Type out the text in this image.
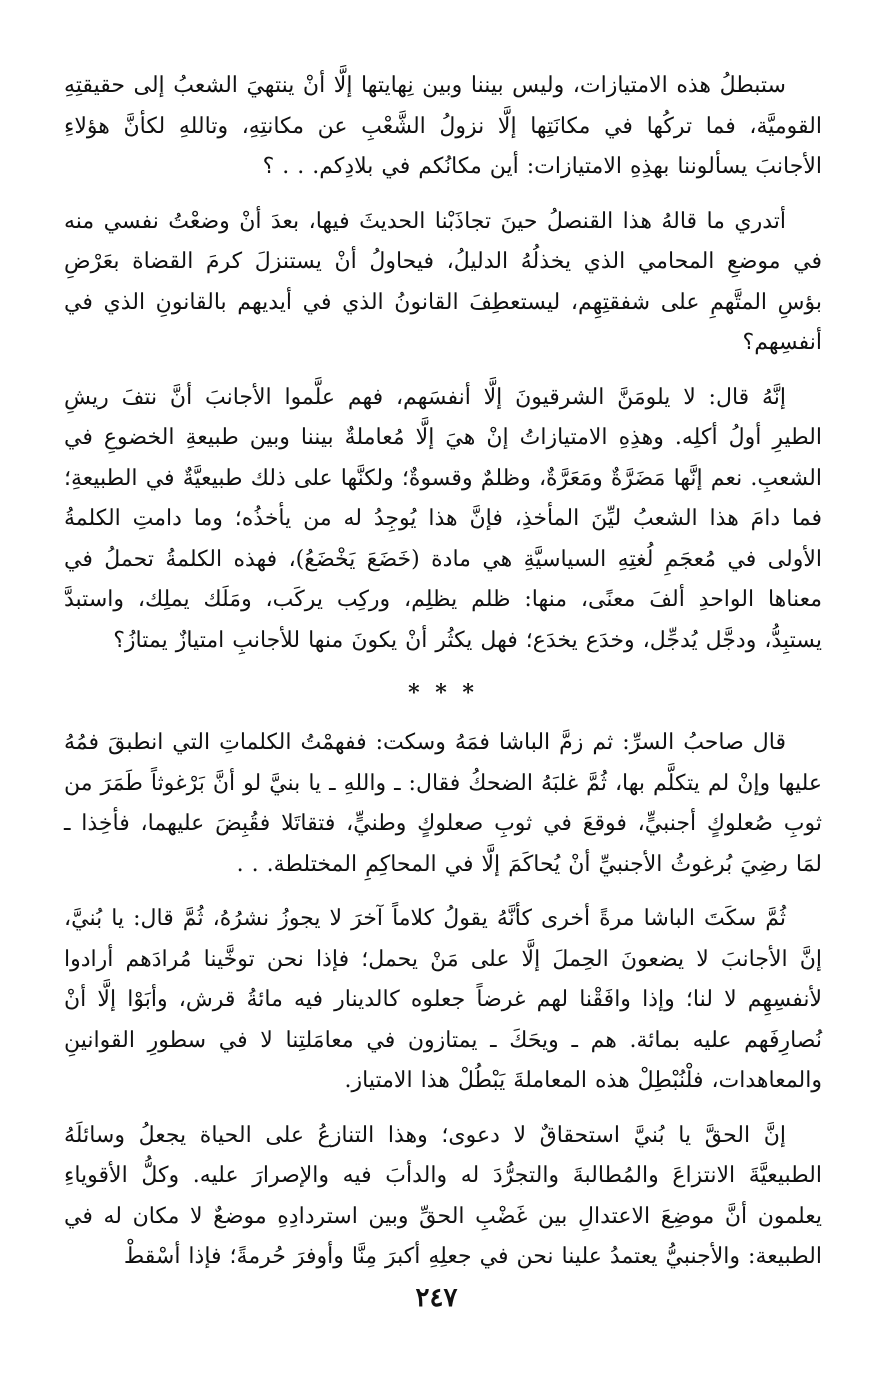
ستبطلُ هذه الامتيازات، وليس بيننا وبين نِهايتها إلَّا أنْ ينتهيَ الشعبُ إلى حقيقتِهِ القوميَّة، فما تركُها في مكانَتِها إلَّا نزولُ الشَّعْبِ عن مكانتِهِ، وتاللهِ لكأنَّ هؤلاءِ الأجانبَ يسألوننا بهذِهِ الامتيازات: أين مكانُكم في بلادِكم. . . ؟

أتدري ما قالهُ هذا القنصلُ حينَ تجاذَبْنا الحديثَ فيها، بعدَ أنْ وضعْتُ نفسي منه في موضعِ المحامي الذي يخذلُهُ الدليلُ، فيحاولُ أنْ يستنزلَ كرمَ القضاة بعَرْضِ بؤسِ المتَّهمِ على شفقتِهِم، ليستعطِفَ القانونُ الذي في أيديهم بالقانونِ الذي في أنفسِهم؟

إنَّهُ قال: لا يلومَنَّ الشرقيونَ إلَّا أنفسَهم، فهم علَّموا الأجانبَ أنَّ نتفَ ريشِ الطيرِ أولُ أكلِه. وهذِهِ الامتيازاتُ إنْ هيَ إلَّا مُعاملةٌ بيننا وبين طبيعةِ الخضوعِ في الشعبِ. نعم إنَّها مَضَرَّةٌ ومَعَرَّةٌ، وظلمٌ وقسوةٌ؛ ولكنَّها على ذلك طبيعيَّةٌ في الطبيعةِ؛ فما دامَ هذا الشعبُ ليِّنَ المأخذِ، فإنَّ هذا يُوجِدُ له من يأخذُه؛ وما دامتِ الكلمةُ الأولى في مُعجَمِ لُغتِهِ السياسيَّةِ هي مادة (خَضَعَ يَخْضَعُ)، فهذه الكلمةُ تحملُ في معناها الواحدِ ألفَ معنًى، منها: ظلم يظلِم، وركِب يركَب، ومَلَك يملِك، واستبدَّ يستبِدُّ، ودجَّل يُدجِّل، وخدَع يخدَع؛ فهل يكثُر أنْ يكونَ منها للأجانبِ امتيازٌ يمتازُ؟

* * *

قال صاحبُ السرِّ: ثم زمَّ الباشا فمَهُ وسكت: ففهمْتُ الكلماتِ التي انطبقَ فمُهُ عليها وإنْ لم يتكلَّم بها، ثُمَّ غلبَهُ الضحكُ فقال: ـ واللهِ ـ يا بنيَّ لو أنَّ بَرْغوثاً طَمَرَ من ثوبِ صُعلوكٍ أجنبيٍّ، فوقعَ في ثوبِ صعلوكٍ وطنيٍّ، فتقاتَلا فقُبِضَ عليهما، فأخِذا ـ لمَا رضِيَ بُرغوثُ الأجنبيِّ أنْ يُحاكَمَ إلَّا في المحاكِمِ المختلطة. . .

ثُمَّ سكَتَ الباشا مرةً أخرى كأنَّهُ يقولُ كلاماً آخرَ لا يجوزُ نشرُهُ، ثُمَّ قال: يا بُنيَّ، إنَّ الأجانبَ لا يضعونَ الحِملَ إلَّا على مَنْ يحمل؛ فإذا نحن توخَّينا مُرادَهم أرادوا لأنفسِهِم لا لنا؛ وإذا وافَقْنا لهم غرضاً جعلوه كالدينار فيه مائةُ قرش، وأبَوْا إلَّا أنْ نُصارِفَهم عليه بمائة. هم ـ ويحَكَ ـ يمتازون في معامَلتِنا لا في سطورِ القوانينِ والمعاهدات، فلْنُبْطِلْ هذه المعاملةَ يَبْطُلْ هذا الامتياز.

إنَّ الحقَّ يا بُنيَّ استحقاقٌ لا دعوى؛ وهذا التنازعُ على الحياة يجعلُ وسائلَهُ الطبيعيَّةَ الانتزاعَ والمُطالبةَ والتجرُّدَ له والدأبَ فيه والإصرارَ عليه. وكلُّ الأقوياءِ يعلمون أنَّ موضِعَ الاعتدالِ بين غَضْبِ الحقِّ وبين استردادِهِ موضعٌ لا مكان له في الطبيعة: والأجنبيُّ يعتمدُ علينا نحن في جعلِهِ أكبرَ مِنَّا وأوفرَ حُرمةً؛ فإذا أسْقطْ

٢٤٧
